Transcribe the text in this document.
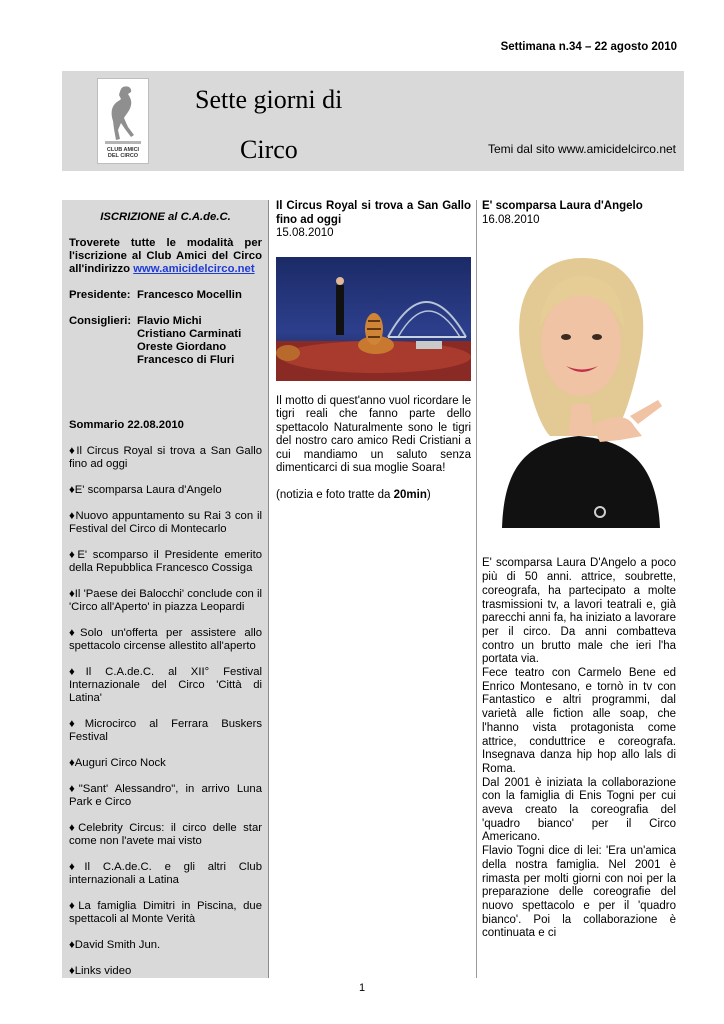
Settimana n.34 – 22 agosto 2010
CLUB AMICI
DEL CIRCO
Sette giorni di
Circo	Temi dal sito www.amicidelcirco.net
ISCRIZIONE al C.A.de.C.
Troverete tutte le modalità per l'iscrizione al Club Amici del Circo all'indirizzo www.amicidelcirco.net
Presidente: Francesco Mocellin
Consiglieri: Flavio Michi
Cristiano Carminati
Oreste Giordano
Francesco di Fluri
Sommario 22.08.2010
♦Il Circus Royal si trova a San Gallo fino ad oggi
♦E' scomparsa Laura d'Angelo
♦Nuovo appuntamento su Rai 3 con il Festival del Circo di Montecarlo
♦E' scomparso il Presidente emerito della Repubblica Francesco Cossiga
♦Il 'Paese dei Balocchi' conclude con il 'Circo all'Aperto' in piazza Leopardi
♦Solo un'offerta per assistere allo spettacolo circense allestito all'aperto
♦Il C.A.de.C. al XII° Festival Internazionale del Circo 'Città di Latina'
♦Microcirco al Ferrara Buskers Festival
♦Auguri Circo Nock
♦"Sant' Alessandro", in arrivo Luna Park e Circo
♦Celebrity Circus: il circo delle star come non l'avete mai visto
♦Il C.A.de.C. e gli altri Club internazionali a Latina
♦La famiglia Dimitri in Piscina, due spettacoli al Monte Verità
♦David Smith Jun.
♦Links video
Il Circus Royal si trova a San Gallo fino ad oggi
15.08.2010
Il motto di quest'anno vuol ricordare le tigri reali che fanno parte dello spettacolo Naturalmente sono le tigri del nostro caro amico Redi Cristiani a cui mandiamo un saluto senza dimenticarci di sua moglie Soara!
(notizia e foto tratte da 20min)
E' scomparsa Laura d'Angelo
16.08.2010
E' scomparsa Laura D'Angelo a poco più di 50 anni. attrice, soubrette, coreografa, ha partecipato a molte trasmissioni tv, a lavori teatrali e, già parecchi anni fa, ha iniziato a lavorare per il circo. Da anni combatteva contro un brutto male che ieri l'ha portata via.
Fece teatro con Carmelo Bene ed Enrico Montesano, e tornò in tv con Fantastico e altri programmi, dal varietà alle fiction alle soap, che l'hanno vista protagonista come attrice, conduttrice e coreografa. Insegnava danza hip hop allo lals di Roma.
Dal 2001 è iniziata la collaborazione con la famiglia di Enis Togni per cui aveva creato la coreografia del 'quadro bianco' per il Circo Americano.
Flavio Togni dice di lei: 'Era un'amica della nostra famiglia. Nel 2001 è rimasta per molti giorni con noi per la preparazione delle coreografie del nuovo spettacolo e per il 'quadro bianco'. Poi la collaborazione è continuata e ci
1
